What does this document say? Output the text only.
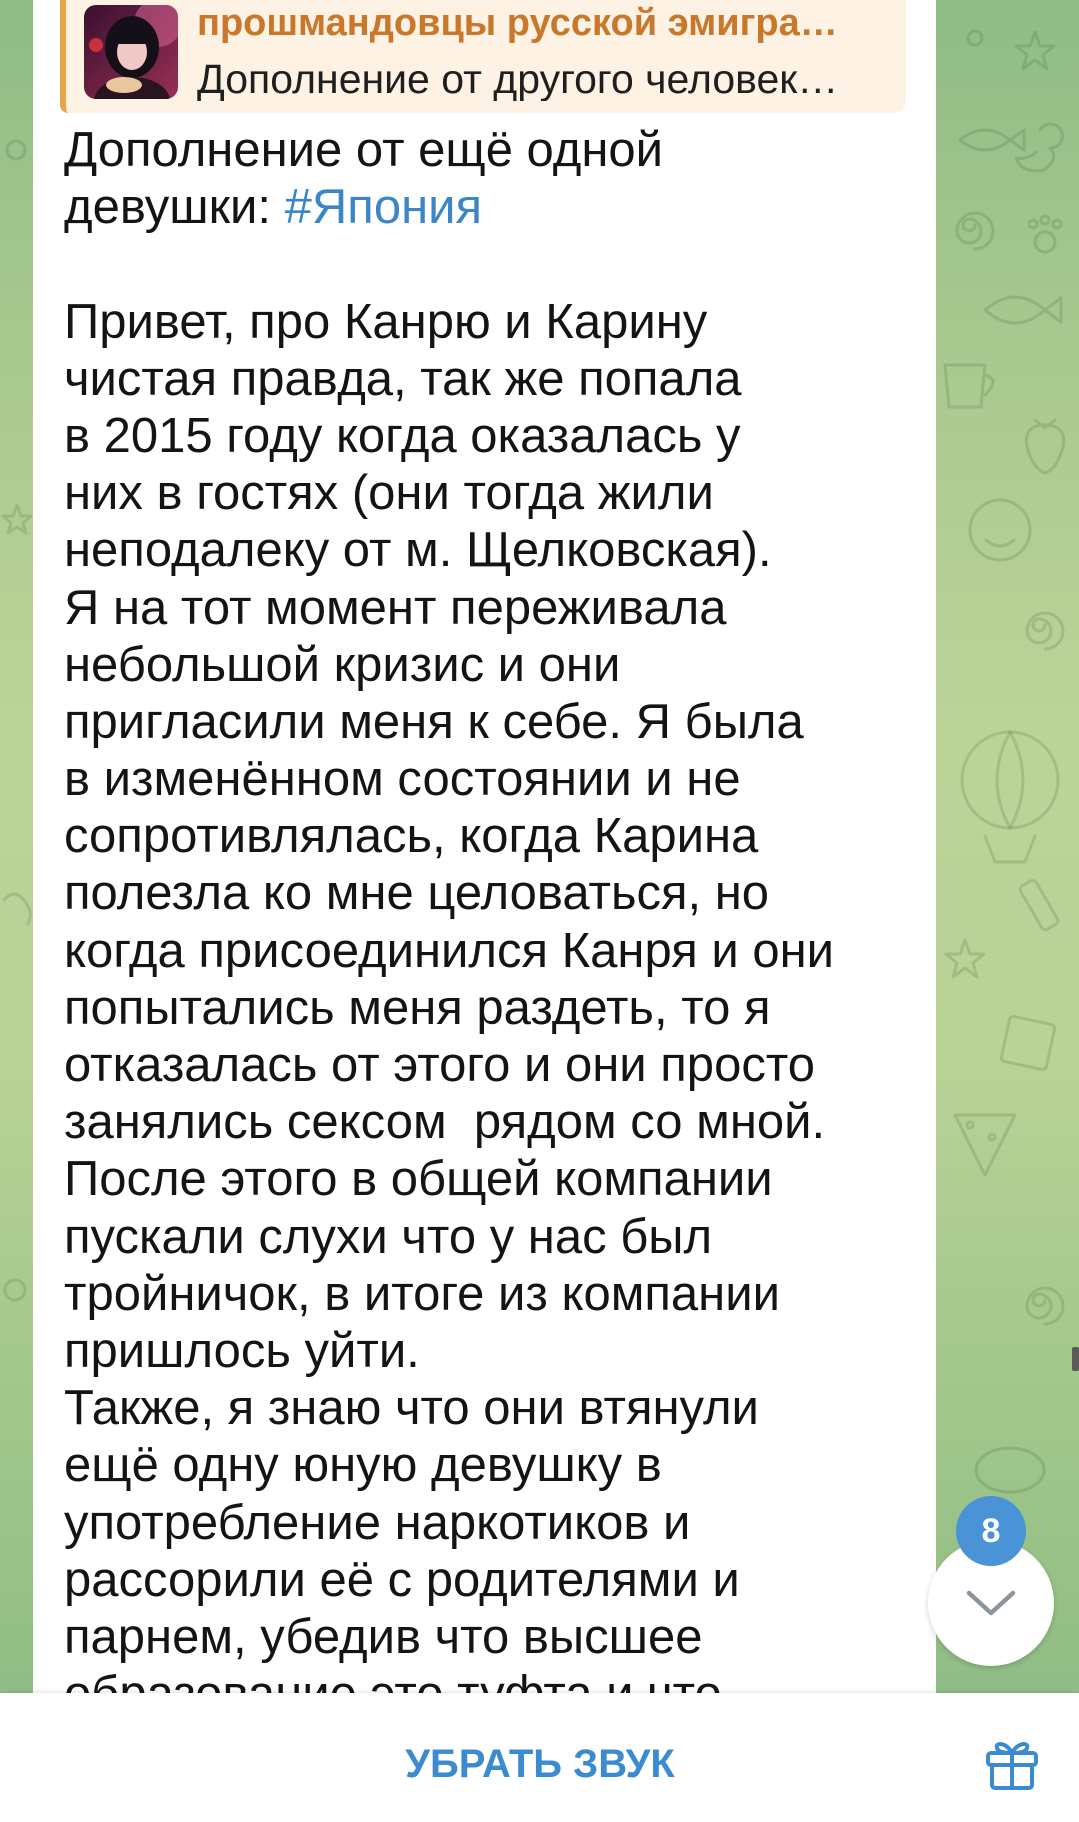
прошмандовцы русской эмигра…
Дополнение от другого человек…
Дополнение от ещё одной
девушки: #Япония
Привет, про Канрю и Карину
чистая правда, так же попала
в 2015 году когда оказалась у
них в гостях (они тогда жили
неподалеку от м. Щелковская).
Я на тот момент переживала
небольшой кризис и они
пригласили меня к себе. Я была
в изменённом состоянии и не
сопротивлялась, когда Карина
полезла ко мне целоваться, но
когда присоединился Канря и они
попытались меня раздеть, то я
отказалась от этого и они просто
занялись сексом  рядом со мной.
После этого в общей компании
пускали слухи что у нас был
тройничок, в итоге из компании
пришлось уйти.
Также, я знаю что они втянули
ещё одну юную девушку в
употребление наркотиков и
рассорили её с родителями и
парнем, убедив что высшее
8
УБРАТЬ ЗВУК
